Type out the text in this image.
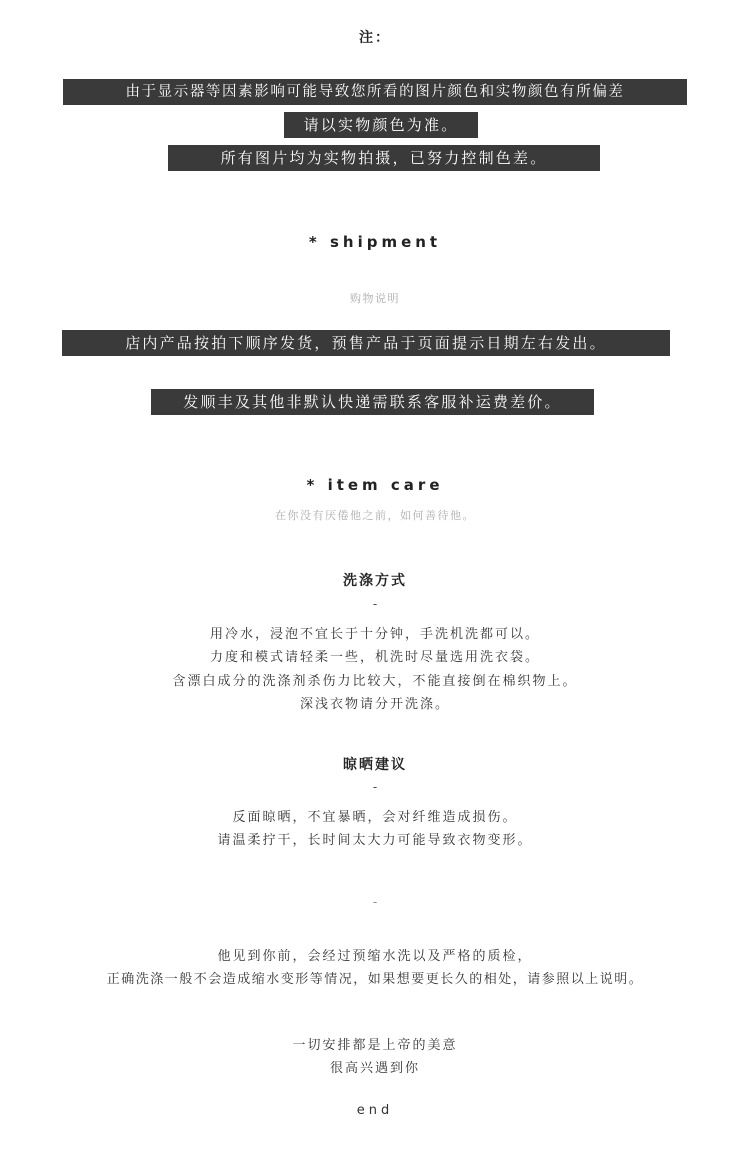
注：
由于显示器等因素影响可能导致您所看的图片颜色和实物颜色有所偏差
请以实物颜色为准。
所有图片均为实物拍摄，已努力控制色差。
* shipment
购物说明
店内产品按拍下顺序发货，预售产品于页面提示日期左右发出。
发顺丰及其他非默认快递需联系客服补运费差价。
* item care
在你没有厌倦他之前，如何善待他。
洗涤方式
-
用冷水，浸泡不宜长于十分钟，手洗机洗都可以。
力度和模式请轻柔一些，机洗时尽量选用洗衣袋。
含漂白成分的洗涤剂杀伤力比较大，不能直接倒在棉织物上。
深浅衣物请分开洗涤。
晾晒建议
-
反面晾晒，不宜暴晒，会对纤维造成损伤。
请温柔拧干，长时间太大力可能导致衣物变形。
-
他见到你前，会经过预缩水洗以及严格的质检，
正确洗涤一般不会造成缩水变形等情况，如果想要更长久的相处，请参照以上说明。
一切安排都是上帝的美意
很高兴遇到你
end
